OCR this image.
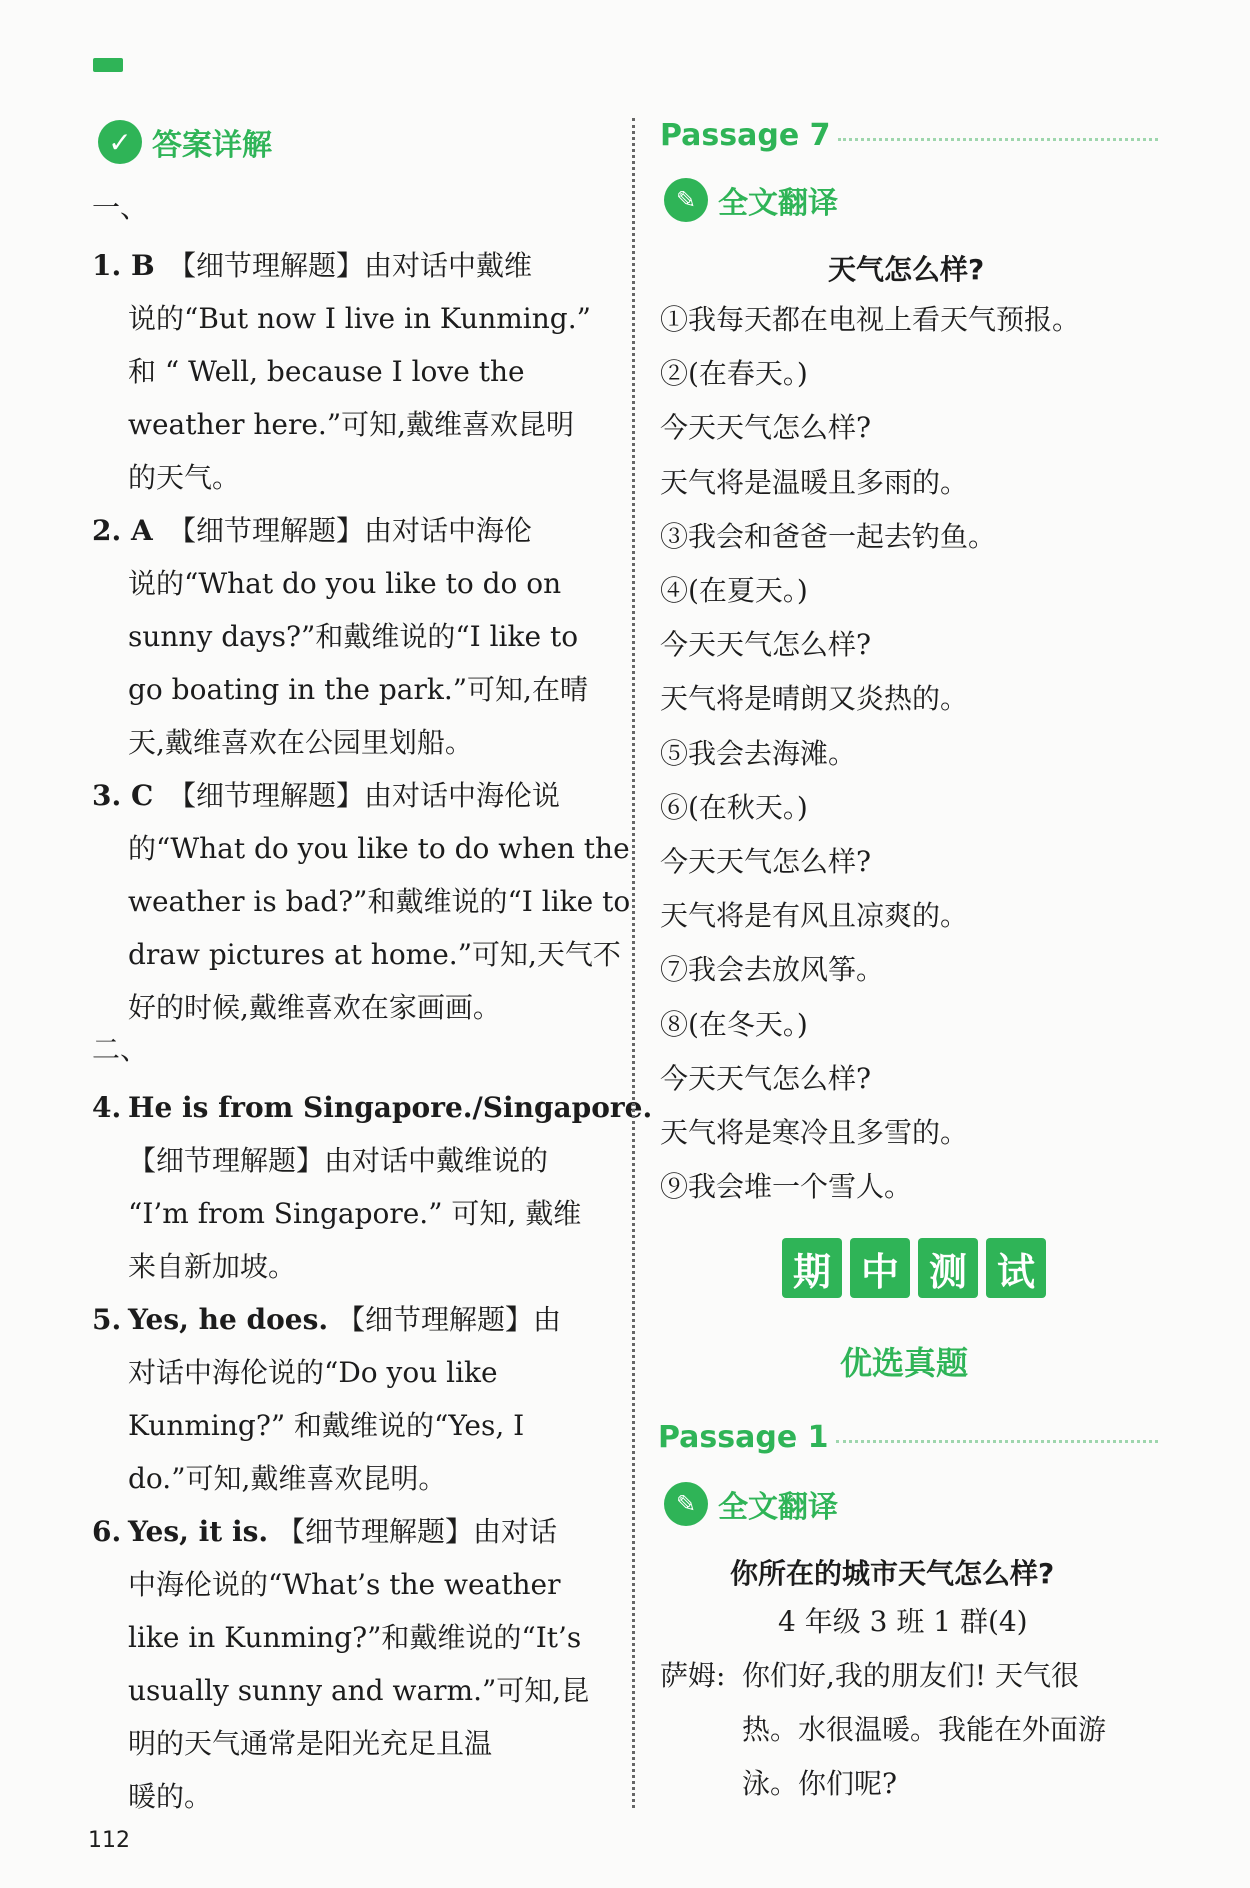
✓ 答案详解
一、
1. B 【细节理解题】由对话中戴维
说的“But now I live in Kunming.”
和 “ Well, because I love the
weather here.”可知,戴维喜欢昆明
的天气。
2. A 【细节理解题】由对话中海伦
说的“What do you like to do on
sunny days?”和戴维说的“I like to
go boating in the park.”可知,在晴
天,戴维喜欢在公园里划船。
3. C 【细节理解题】由对话中海伦说
的“What do you like to do when the
weather is bad?”和戴维说的“I like to
draw pictures at home.”可知,天气不
好的时候,戴维喜欢在家画画。
二、
4. He is from Singapore./Singapore.
【细节理解题】由对话中戴维说的
“I’m from Singapore.” 可知, 戴维
来自新加坡。
5. Yes, he does. 【细节理解题】由
对话中海伦说的“Do you like
Kunming?” 和戴维说的“Yes, I
do.”可知,戴维喜欢昆明。
6. Yes, it is. 【细节理解题】由对话
中海伦说的“What’s the weather
like in Kunming?”和戴维说的“It’s
usually sunny and warm.”可知,昆
明的天气通常是阳光充足且温
暖的。
Passage 7
✎ 全文翻译
天气怎么样?
①我每天都在电视上看天气预报。
②(在春天。)
今天天气怎么样?
天气将是温暖且多雨的。
③我会和爸爸一起去钓鱼。
④(在夏天。)
今天天气怎么样?
天气将是晴朗又炎热的。
⑤我会去海滩。
⑥(在秋天。)
今天天气怎么样?
天气将是有风且凉爽的。
⑦我会去放风筝。
⑧(在冬天。)
今天天气怎么样?
天气将是寒冷且多雪的。
⑨我会堆一个雪人。
期 中 测 试
优选真题
Passage 1
✎ 全文翻译
你所在的城市天气怎么样?
4 年级 3 班 1 群(4)
萨姆: 你们好,我的朋友们! 天气很
热。水很温暖。我能在外面游
泳。你们呢?
112
